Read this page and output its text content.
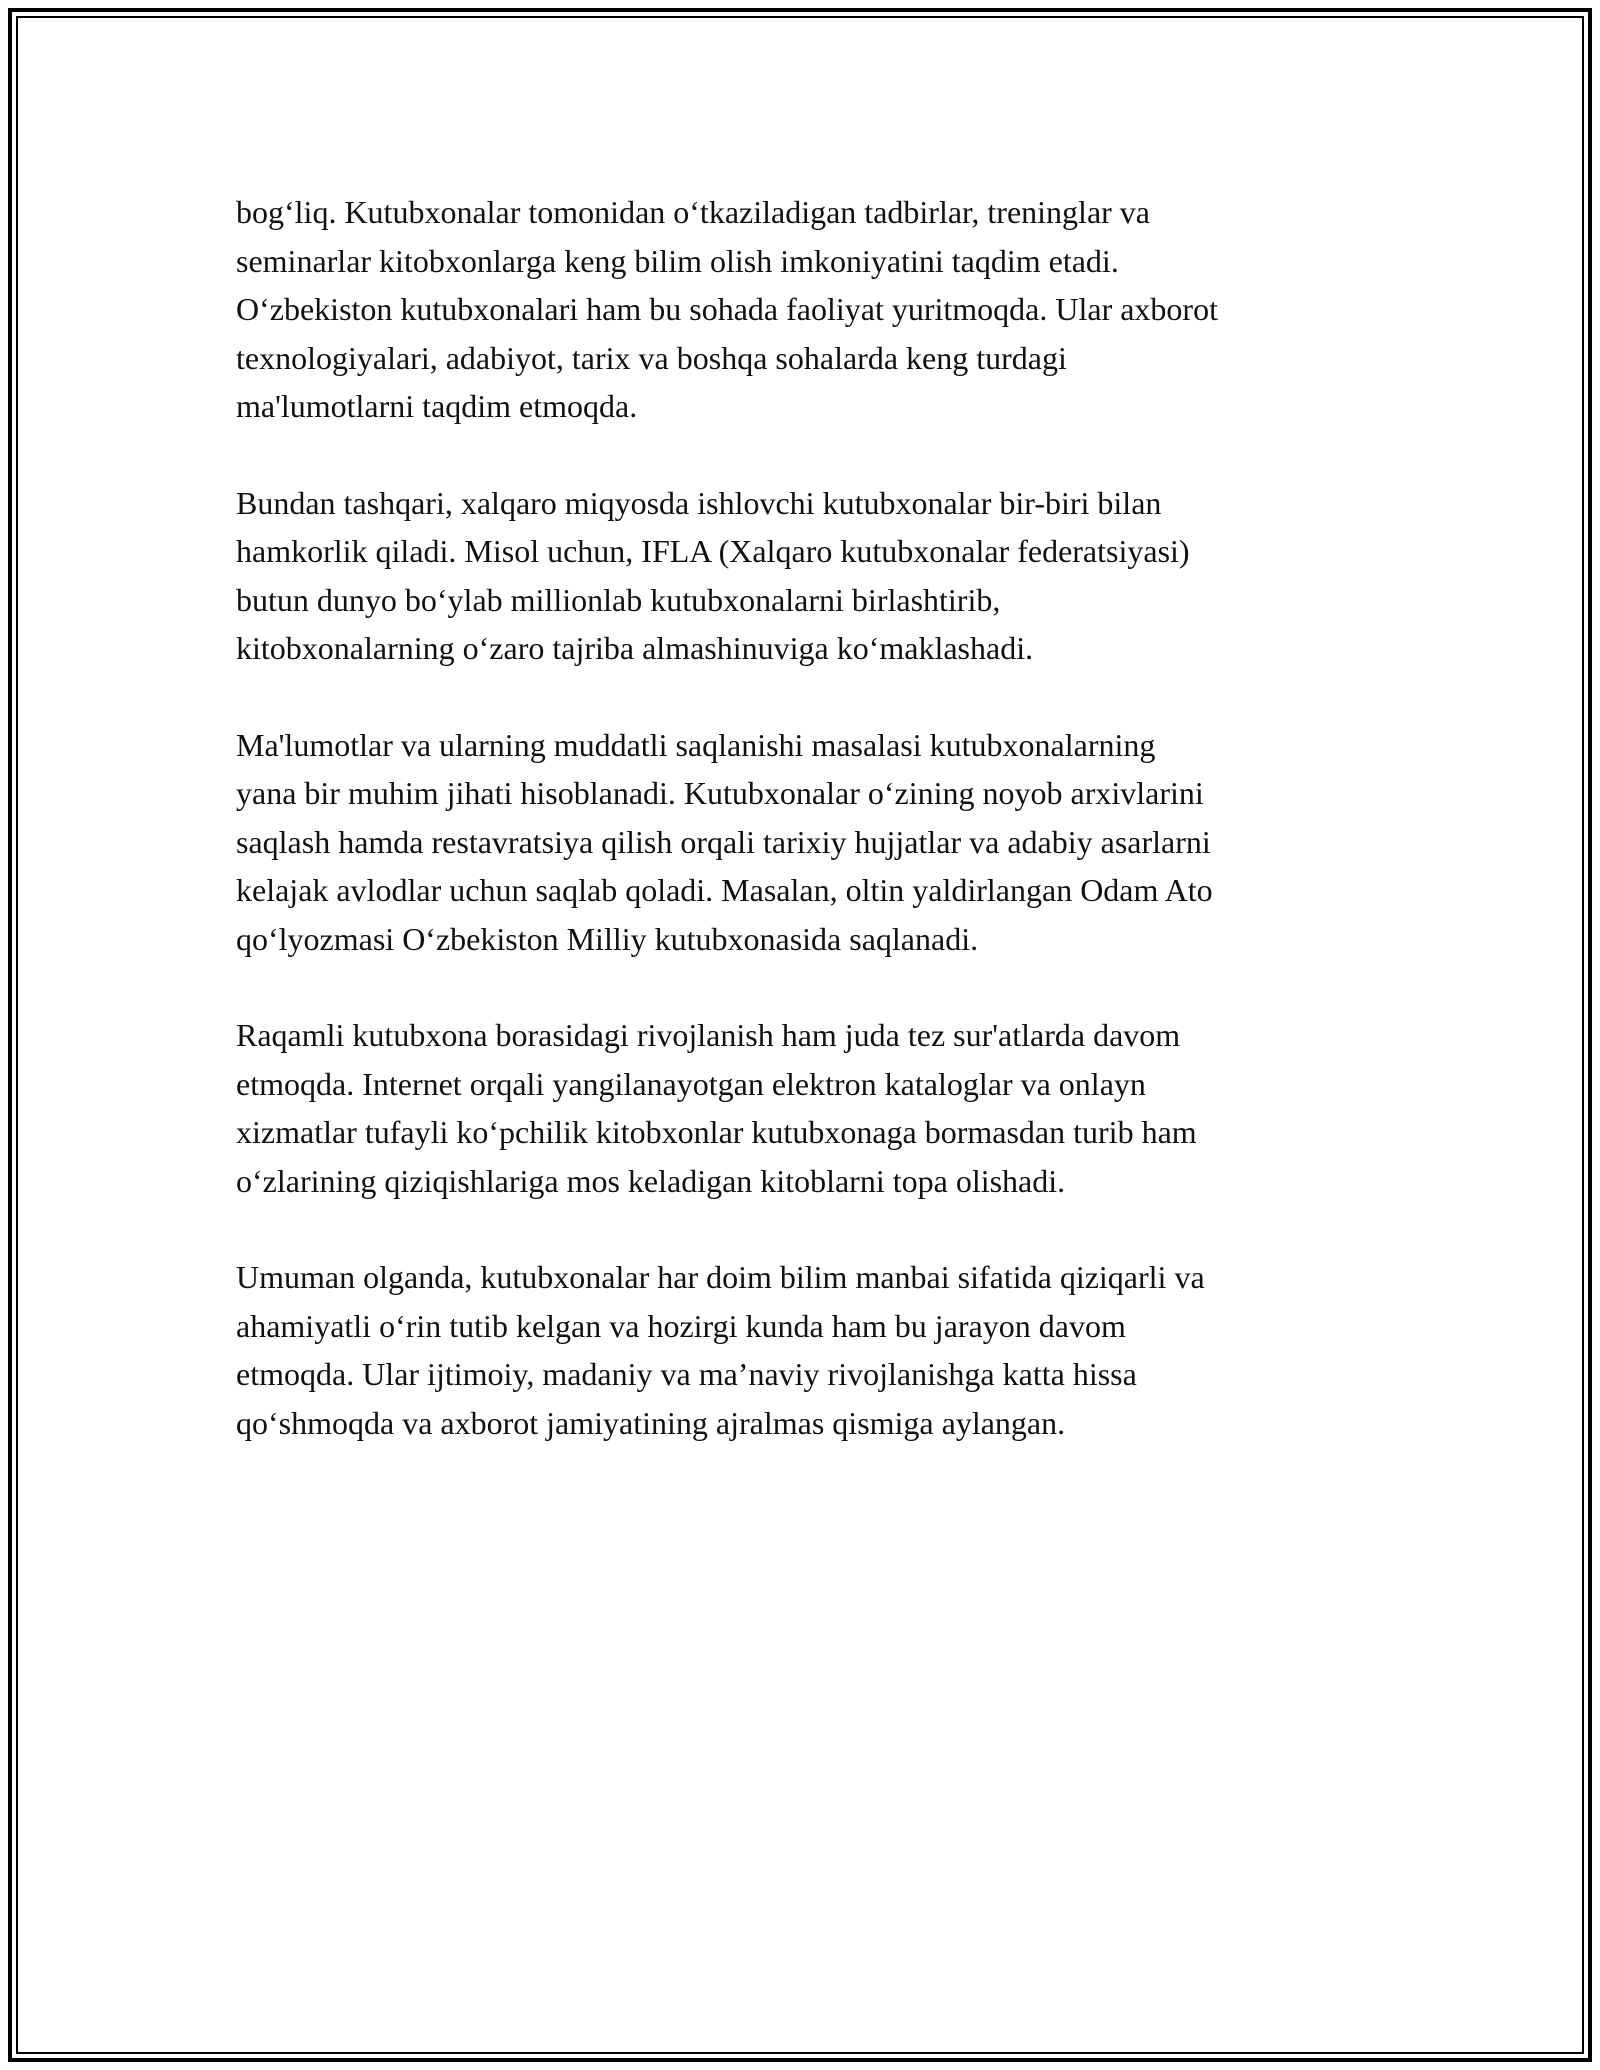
bog‘liq. Kutubxonalar tomonidan o‘tkaziladigan tadbirlar, treninglar va
seminarlar kitobxonlarga keng bilim olish imkoniyatini taqdim etadi.
O‘zbekiston kutubxonalari ham bu sohada faoliyat yuritmoqda. Ular axborot
texnologiyalari, adabiyot, tarix va boshqa sohalarda keng turdagi
ma'lumotlarni taqdim etmoqda.

Bundan tashqari, xalqaro miqyosda ishlovchi kutubxonalar bir-biri bilan
hamkorlik qiladi. Misol uchun, IFLA (Xalqaro kutubxonalar federatsiyasi)
butun dunyo bo‘ylab millionlab kutubxonalarni birlashtirib,
kitobxonalarning o‘zaro tajriba almashinuviga ko‘maklashadi.

Ma'lumotlar va ularning muddatli saqlanishi masalasi kutubxonalarning
yana bir muhim jihati hisoblanadi. Kutubxonalar o‘zining noyob arxivlarini
saqlash hamda restavratsiya qilish orqali tarixiy hujjatlar va adabiy asarlarni
kelajak avlodlar uchun saqlab qoladi. Masalan, oltin yaldirlangan Odam Ato
qo‘lyozmasi O‘zbekiston Milliy kutubxonasida saqlanadi.

Raqamli kutubxona borasidagi rivojlanish ham juda tez sur'atlarda davom
etmoqda. Internet orqali yangilanayotgan elektron kataloglar va onlayn
xizmatlar tufayli ko‘pchilik kitobxonlar kutubxonaga bormasdan turib ham
o‘zlarining qiziqishlariga mos keladigan kitoblarni topa olishadi.

Umuman olganda, kutubxonalar har doim bilim manbai sifatida qiziqarli va
ahamiyatli o‘rin tutib kelgan va hozirgi kunda ham bu jarayon davom
etmoqda. Ular ijtimoiy, madaniy va ma’naviy rivojlanishga katta hissa
qo‘shmoqda va axborot jamiyatining ajralmas qismiga aylangan.
